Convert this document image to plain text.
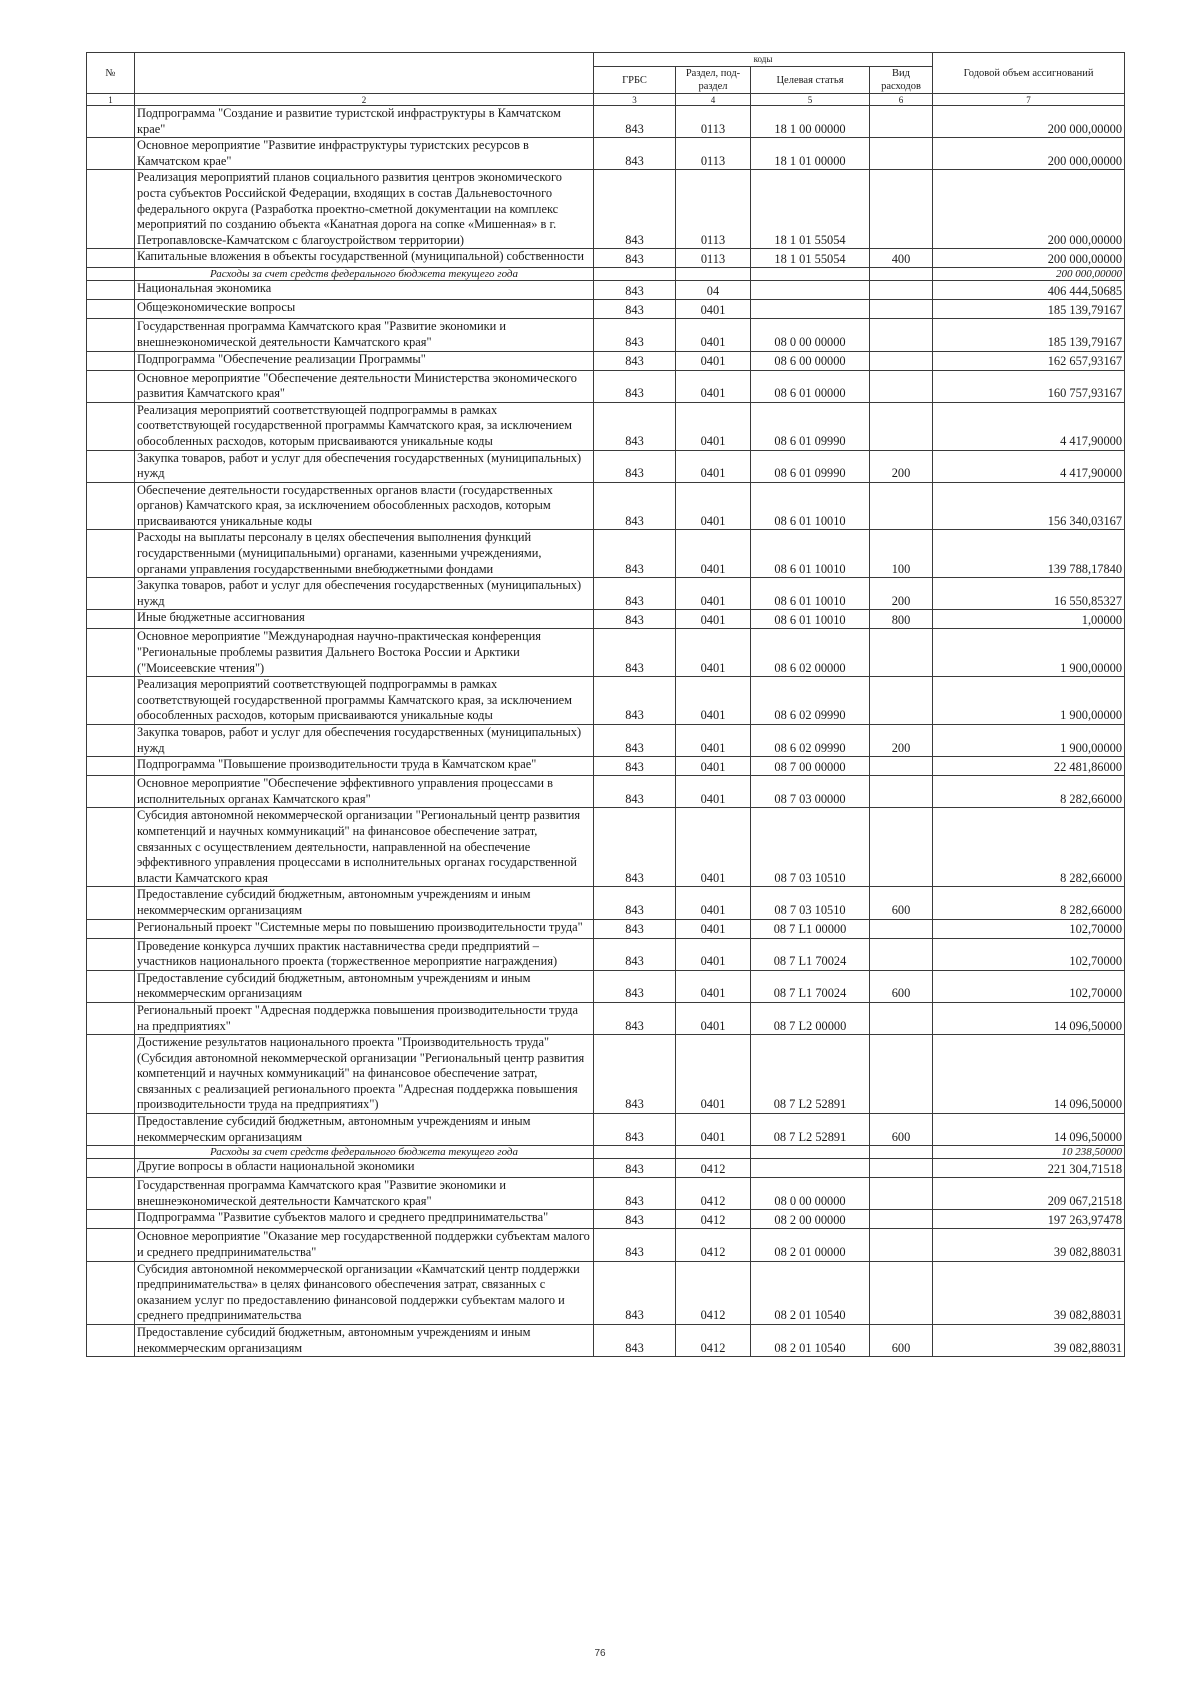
№		коды				Годовой объем ассигнований
		ГРБС	Раздел, под-раздел	Целевая статья	Вид расходов	
1	2	3	4	5	6	7
	Подпрограмма "Создание и развитие туристской инфраструктуры в Камчатском крае"	843	0113	18 1 00 00000		200 000,00000
	Основное мероприятие "Развитие инфраструктуры туристских ресурсов в Камчатском крае"	843	0113	18 1 01 00000		200 000,00000
	Реализация мероприятий планов социального развития центров экономического роста субъектов Российской Федерации, входящих в состав Дальневосточного федерального округа (Разработка проектно-сметной документации на комплекс мероприятий по созданию объекта «Канатная дорога на сопке «Мишенная» в г. Петропавловске-Камчатском с благоустройством территории)	843	0113	18 1 01 55054		200 000,00000
	Капитальные вложения в объекты государственной (муниципальной) собственности	843	0113	18 1 01 55054	400	200 000,00000
	Расходы за счет средств федерального бюджета текущего года					200 000,00000
	Национальная экономика	843	04			406 444,50685
	Общеэкономические вопросы	843	0401			185 139,79167
	Государственная программа Камчатского края "Развитие экономики и внешнеэкономической деятельности Камчатского края"	843	0401	08 0 00 00000		185 139,79167
	Подпрограмма "Обеспечение реализации Программы"	843	0401	08 6 00 00000		162 657,93167
	Основное мероприятие "Обеспечение деятельности Министерства экономического развития Камчатского края"	843	0401	08 6 01 00000		160 757,93167
	Реализация мероприятий соответствующей подпрограммы в рамках соответствующей государственной программы Камчатского края, за исключением обособленных расходов, которым присваиваются уникальные коды	843	0401	08 6 01 09990		4 417,90000
	Закупка товаров, работ и услуг для обеспечения государственных (муниципальных) нужд	843	0401	08 6 01 09990	200	4 417,90000
	Обеспечение деятельности государственных органов власти (государственных органов) Камчатского края, за исключением обособленных расходов, которым присваиваются уникальные коды	843	0401	08 6 01 10010		156 340,03167
	Расходы на выплаты персоналу в целях обеспечения выполнения функций государственными (муниципальными) органами, казенными учреждениями, органами управления государственными внебюджетными фондами	843	0401	08 6 01 10010	100	139 788,17840
	Закупка товаров, работ и услуг для обеспечения государственных (муниципальных) нужд	843	0401	08 6 01 10010	200	16 550,85327
	Иные бюджетные ассигнования	843	0401	08 6 01 10010	800	1,00000
	Основное мероприятие "Международная научно-практическая конференция "Региональные проблемы развития Дальнего Востока России и Арктики ("Моисеевские чтения")	843	0401	08 6 02 00000		1 900,00000
	Реализация мероприятий соответствующей подпрограммы в рамках соответствующей государственной программы Камчатского края, за исключением обособленных расходов, которым присваиваются уникальные коды	843	0401	08 6 02 09990		1 900,00000
	Закупка товаров, работ и услуг для обеспечения государственных (муниципальных) нужд	843	0401	08 6 02 09990	200	1 900,00000
	Подпрограмма "Повышение производительности труда в Камчатском крае"	843	0401	08 7 00 00000		22 481,86000
	Основное мероприятие "Обеспечение эффективного управления процессами в исполнительных органах Камчатского края"	843	0401	08 7 03 00000		8 282,66000
	Субсидия автономной некоммерческой организации "Региональный центр развития компетенций и научных коммуникаций" на финансовое обеспечение затрат, связанных с осуществлением деятельности, направленной на обеспечение эффективного управления процессами в исполнительных органах государственной власти Камчатского края	843	0401	08 7 03 10510		8 282,66000
	Предоставление субсидий бюджетным, автономным учреждениям и иным некоммерческим организациям	843	0401	08 7 03 10510	600	8 282,66000
	Региональный проект "Системные меры по повышению производительности труда"	843	0401	08 7 L1 00000		102,70000
	Проведение конкурса лучших практик наставничества среди предприятий – участников национального проекта (торжественное мероприятие награждения)	843	0401	08 7 L1 70024		102,70000
	Предоставление субсидий бюджетным, автономным учреждениям и иным некоммерческим организациям	843	0401	08 7 L1 70024	600	102,70000
	Региональный проект "Адресная поддержка повышения производительности труда на предприятиях"	843	0401	08 7 L2 00000		14 096,50000
	Достижение результатов национального проекта "Производительность труда" (Субсидия автономной некоммерческой организации "Региональный центр развития компетенций и научных коммуникаций" на финансовое обеспечение затрат, связанных с реализацией регионального проекта "Адресная поддержка повышения производительности труда на предприятиях")	843	0401	08 7 L2 52891		14 096,50000
	Предоставление субсидий бюджетным, автономным учреждениям и иным некоммерческим организациям	843	0401	08 7 L2 52891	600	14 096,50000
	Расходы за счет средств федерального бюджета текущего года					10 238,50000
	Другие вопросы в области национальной экономики	843	0412			221 304,71518
	Государственная программа Камчатского края "Развитие экономики и внешнеэкономической деятельности Камчатского края"	843	0412	08 0 00 00000		209 067,21518
	Подпрограмма "Развитие субъектов малого и среднего предпринимательства"	843	0412	08 2 00 00000		197 263,97478
	Основное мероприятие "Оказание мер государственной поддержки субъектам малого и среднего предпринимательства"	843	0412	08 2 01 00000		39 082,88031
	Субсидия автономной некоммерческой организации «Камчатский центр поддержки предпринимательства» в целях финансового обеспечения затрат, связанных с оказанием услуг по предоставлению финансовой поддержки субъектам малого и среднего предпринимательства	843	0412	08 2 01 10540		39 082,88031
	Предоставление субсидий бюджетным, автономным учреждениям и иным некоммерческим организациям	843	0412	08 2 01 10540	600	39 082,88031
76
